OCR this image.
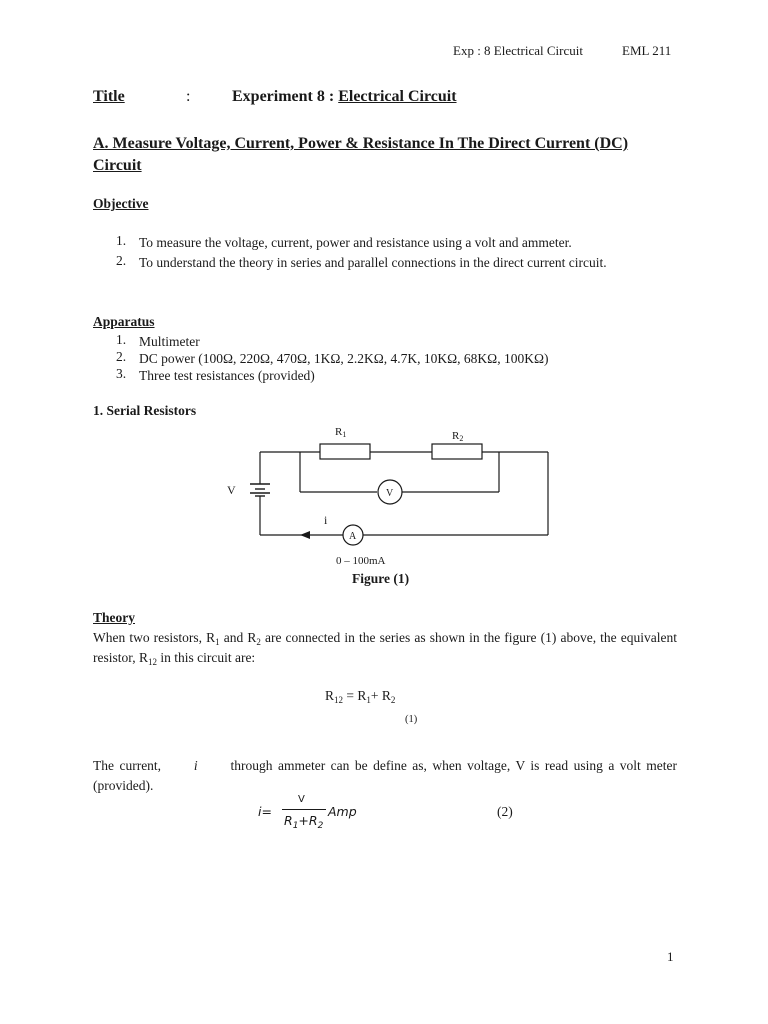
Exp : 8 Electrical Circuit	EML 211
Title	:	Experiment 8 : Electrical Circuit
A. Measure Voltage, Current, Power & Resistance In The Direct Current (DC) Circuit
Objective
1. To measure the voltage, current, power and resistance using a volt and ammeter.
2. To understand the theory in series and parallel connections in the direct current circuit.
Apparatus
1. Multimeter
2. DC power (100Ω, 220Ω, 470Ω, 1KΩ, 2.2KΩ, 4.7K, 10KΩ, 68KΩ, 100KΩ)
3. Three test resistances (provided)
1. Serial Resistors
R1	R2
V	V
i
A
0 – 100mA
Figure (1)
Theory
When two resistors, $R_1$ and $R_2$ are connected in the series as shown in the figure (1) above, the equivalent resistor, $R_{12}$ in this circuit are:
$R_{12} = R_1+ R_2$
(1)
The current, i through ammeter can be define as, when voltage, V is read using a volt meter (provided).
i=
V
$R_1+R_2$
Amp	(2)
1
